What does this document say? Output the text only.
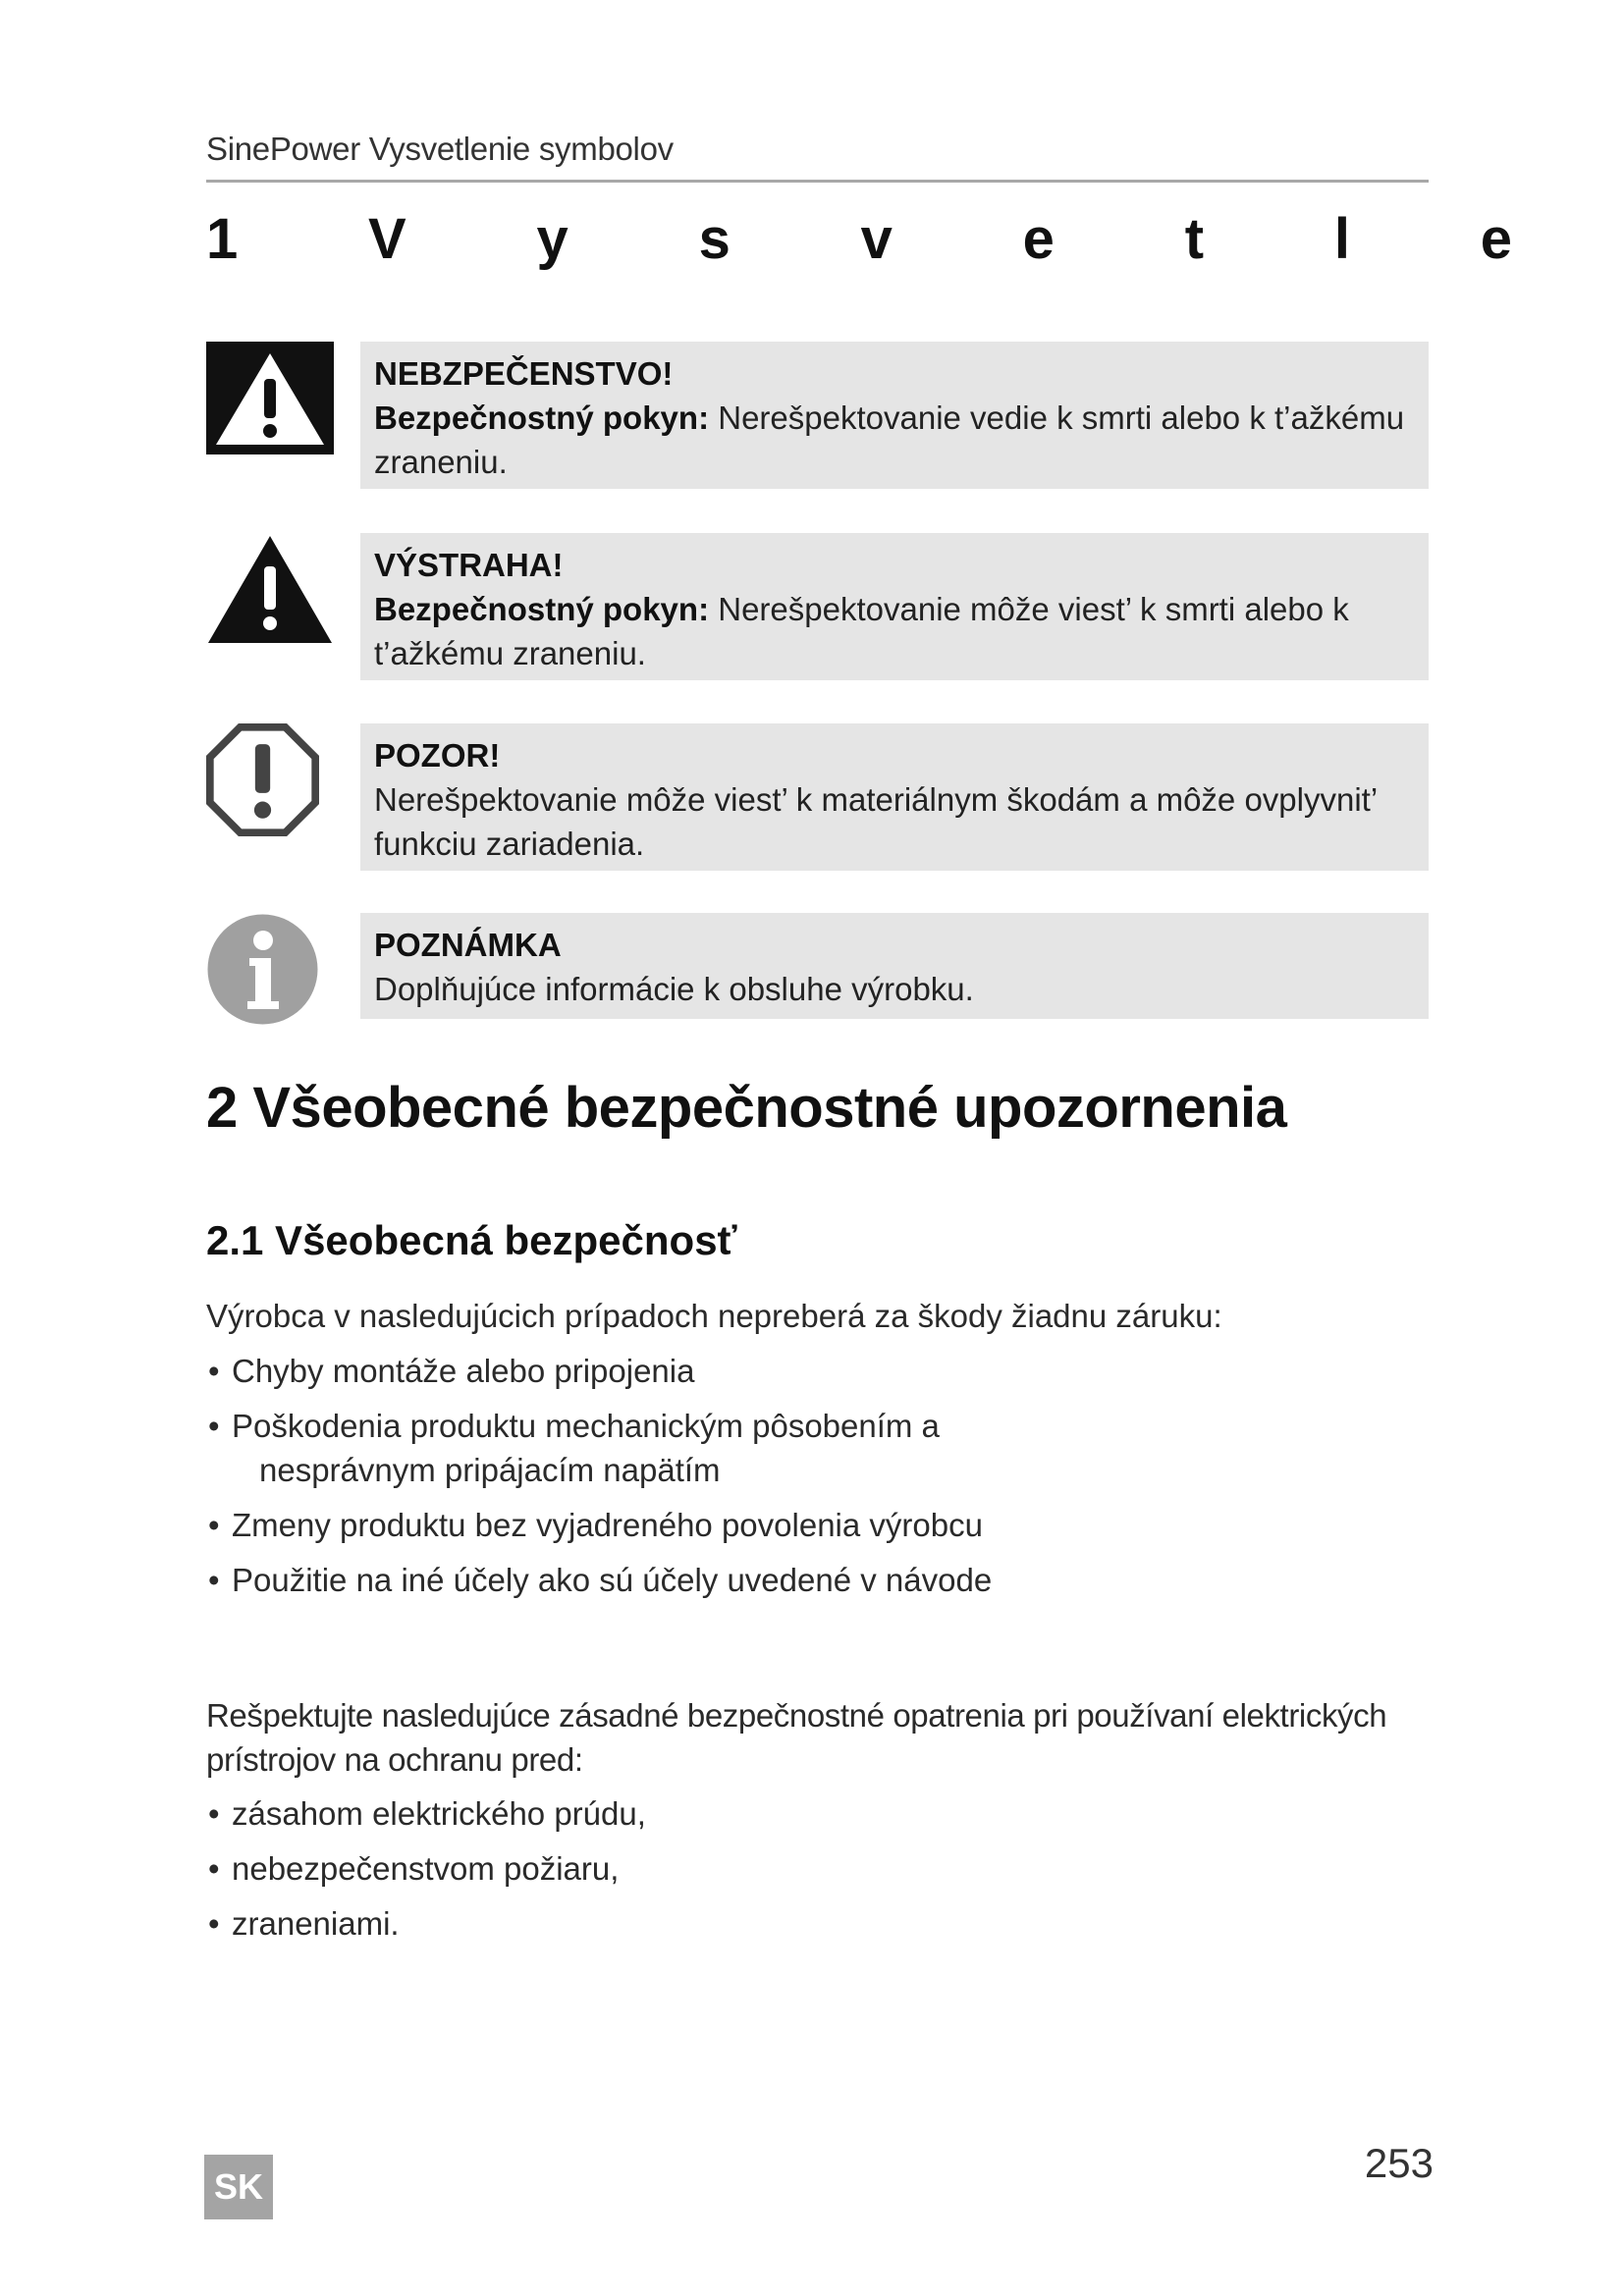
SinePower Vysvetlenie symbolov
1 V y s v e t l e
NEBZPEČENSTVO!
Bezpečnostný pokyn: Nerešpektovanie vedie k smrti alebo k t’ažkému zraneniu.
VÝSTRAHA!
Bezpečnostný pokyn: Nerešpektovanie môže viest’ k smrti alebo k t’ažkému zraneniu.
POZOR!
Nerešpektovanie môže viest’ k materiálnym škodám a môže ovplyvnit’ funkciu zariadenia.
POZNÁMKA
Doplňujúce informácie k obsluhe výrobku.
2 Všeobecné bezpečnostné upozornenia
2.1 Všeobecná bezpečnosť
Výrobca v nasledujúcich prípadoch nepreberá za škody žiadnu záruku:
• Chyby montáže alebo pripojenia
• Poškodenia produktu mechanickým pôsobením a nesprávnym pripájacím napätím
• Zmeny produktu bez vyjadreného povolenia výrobcu
• Použitie na iné účely ako sú účely uvedené v návode
Rešpektujte nasledujúce zásadné bezpečnostné opatrenia pri používaní elektrických prístrojov na ochranu pred:
• zásahom elektrického prúdu,
• nebezpečenstvom požiaru,
• zraneniami.
SK
253
